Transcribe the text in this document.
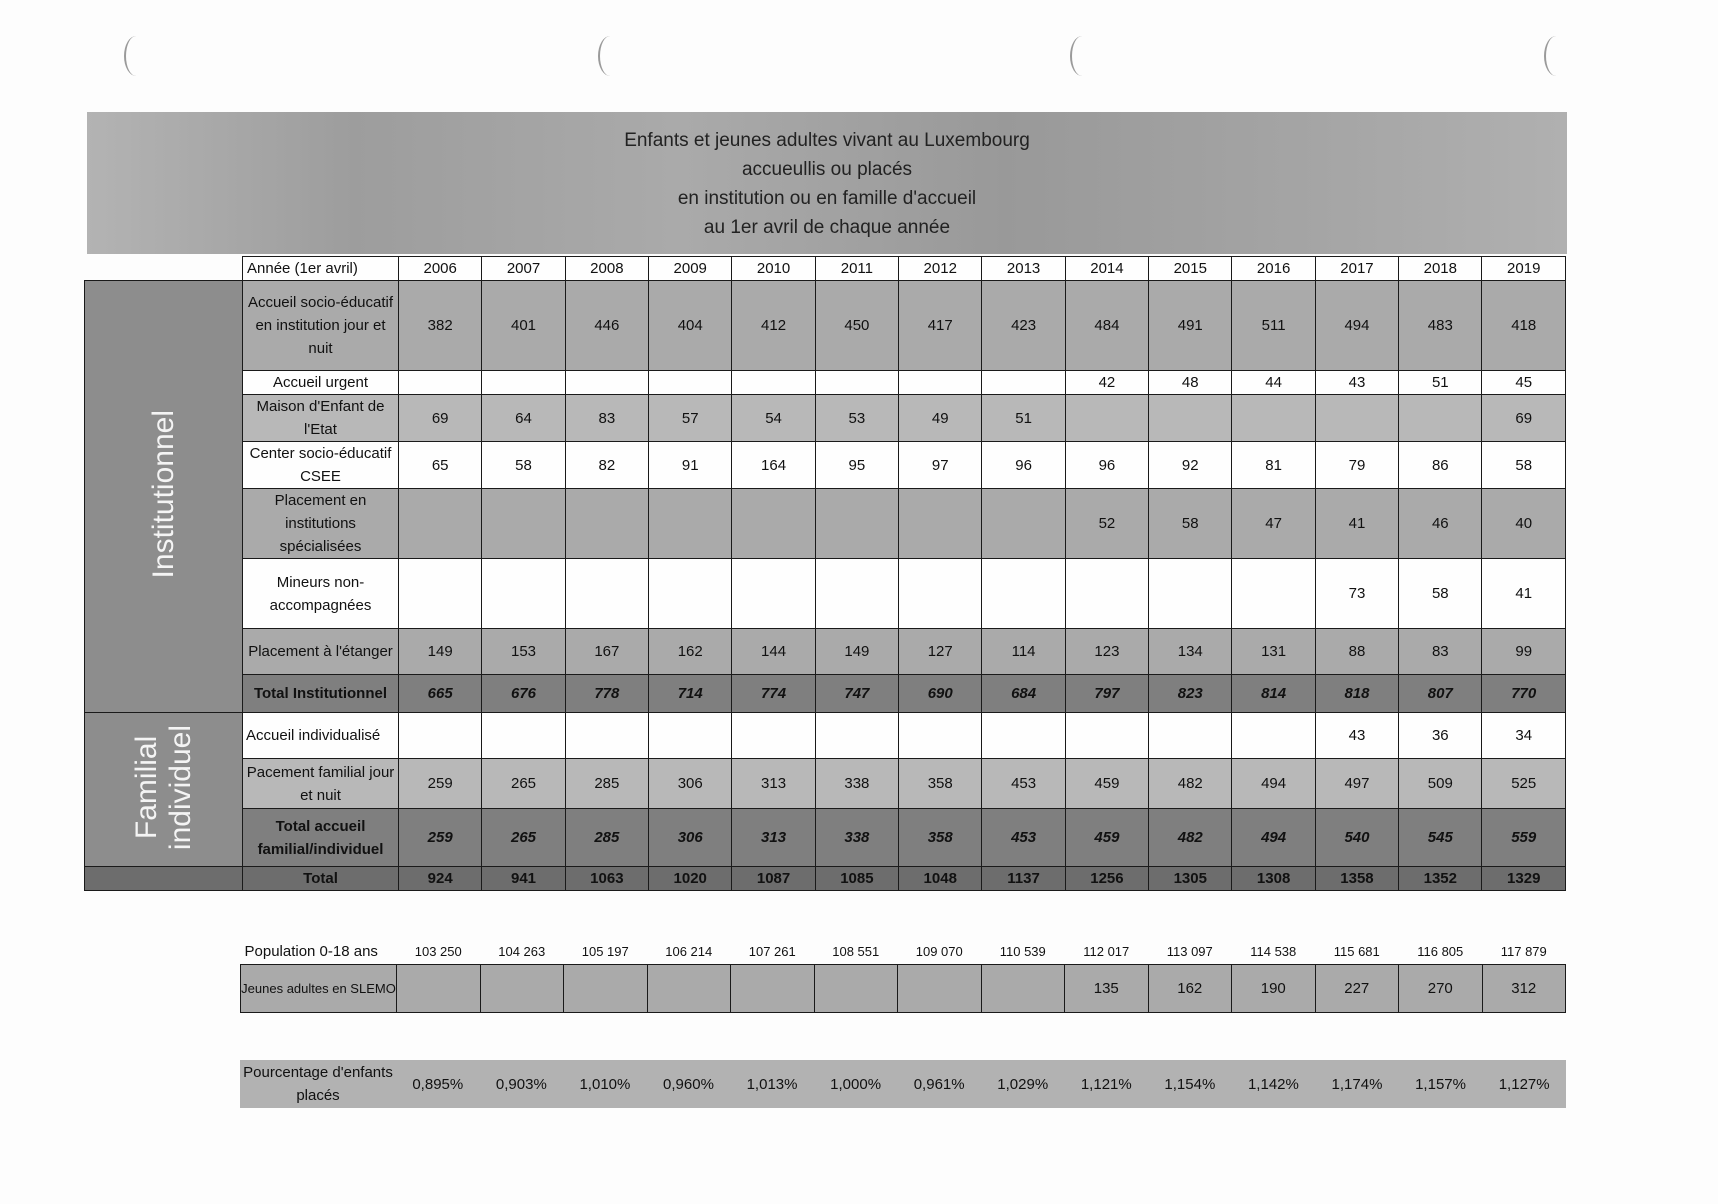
Enfants et jeunes adultes vivant au Luxembourg
accueullis ou placés
en institution ou en famille d'accueil
au 1er avril de chaque année
	Année (1er avril)	2006	2007	2008	2009	2010	2011	2012	2013	2014	2015	2016	2017	2018	2019
Institutionnel	Accueil socio-éducatif en institution jour et nuit	382	401	446	404	412	450	417	423	484	491	511	494	483	418
	Accueil urgent									42	48	44	43	51	45
	Maison d'Enfant de l'Etat	69	64	83	57	54	53	49	51						69
	Center socio-éducatif CSEE	65	58	82	91	164	95	97	96	96	92	81	79	86	58
	Placement en institutions spécialisées									52	58	47	41	46	40
	Mineurs non-accompagnées												73	58	41
	Placement à l'étanger	149	153	167	162	144	149	127	114	123	134	131	88	83	99
	Total Institutionnel	665	676	778	714	774	747	690	684	797	823	814	818	807	770
Familial
individuel	Accueil individualisé												43	36	34
	Pacement familial jour et nuit	259	265	285	306	313	338	358	453	459	482	494	497	509	525
	Total accueil familial/individuel	259	265	285	306	313	338	358	453	459	482	494	540	545	559
	Total	924	941	1063	1020	1087	1085	1048	1137	1256	1305	1308	1358	1352	1329
Population 0-18 ans	103 250	104 263	105 197	106 214	107 261	108 551	109 070	110 539	112 017	113 097	114 538	115 681	116 805	117 879
Jeunes adultes en SLEMO									135	162	190	227	270	312
Pourcentage d'enfants placés	0,895%	0,903%	1,010%	0,960%	1,013%	1,000%	0,961%	1,029%	1,121%	1,154%	1,142%	1,174%	1,157%	1,127%
